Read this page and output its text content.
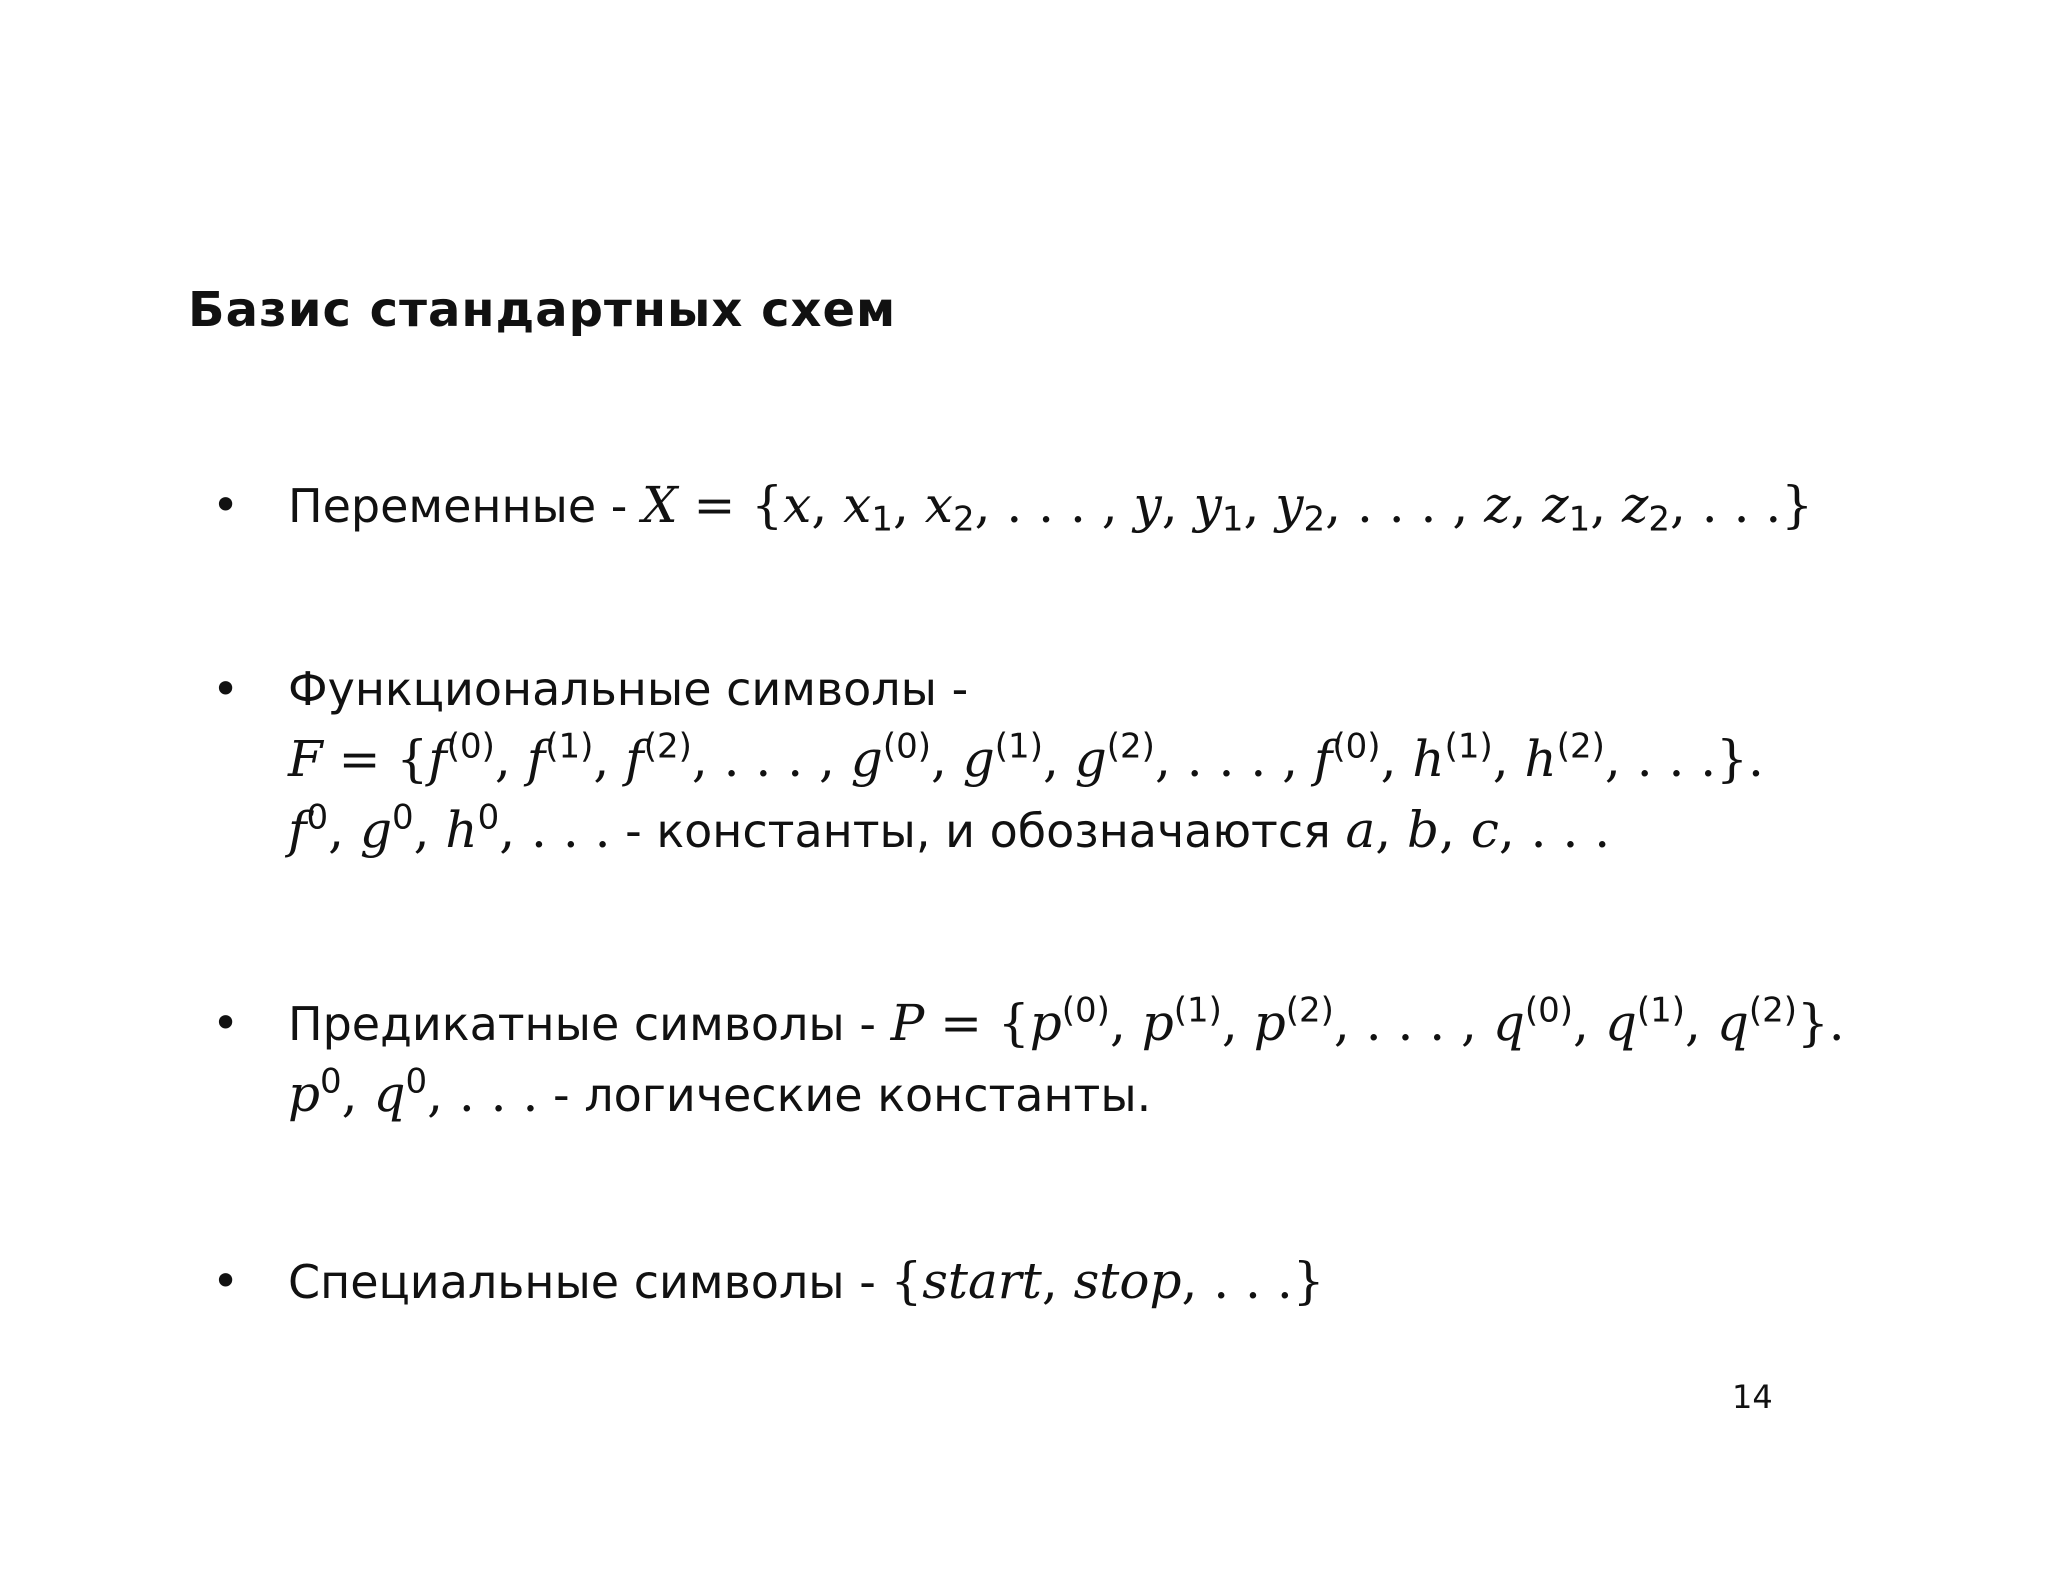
Базис стандартных схем
•	Переменные - X = {x, $x_1$, $x_2$, . . . , y, $y_1$, $y_2$, . . . , z, $z_1$, $z_2$, . . .}
•	Функциональные символы -
$F = \{f^{(0)}$, $f^{(1)}$, $f^{(2)}$, . . . , $g^{(0)}$, $g^{(1)}$, $g^{(2)}$, . . . , $f^{(0)}$, $h^{(1)}$, $h^{(2)}$, . . .}.
$f^0$, $g^0$, $h^0$, . . . - константы, и обозначаются a, b, c, . . .
•	Предикатные символы - $P = \{p^{(0)}$, $p^{(1)}$, $p^{(2)}$, . . . , $q^{(0)}$, $q^{(1)}$, $q^{(2)}$}.
$p^0$, $q^0$, . . . - логические константы.
•	Специальные символы - {start, stop, . . .}
14
